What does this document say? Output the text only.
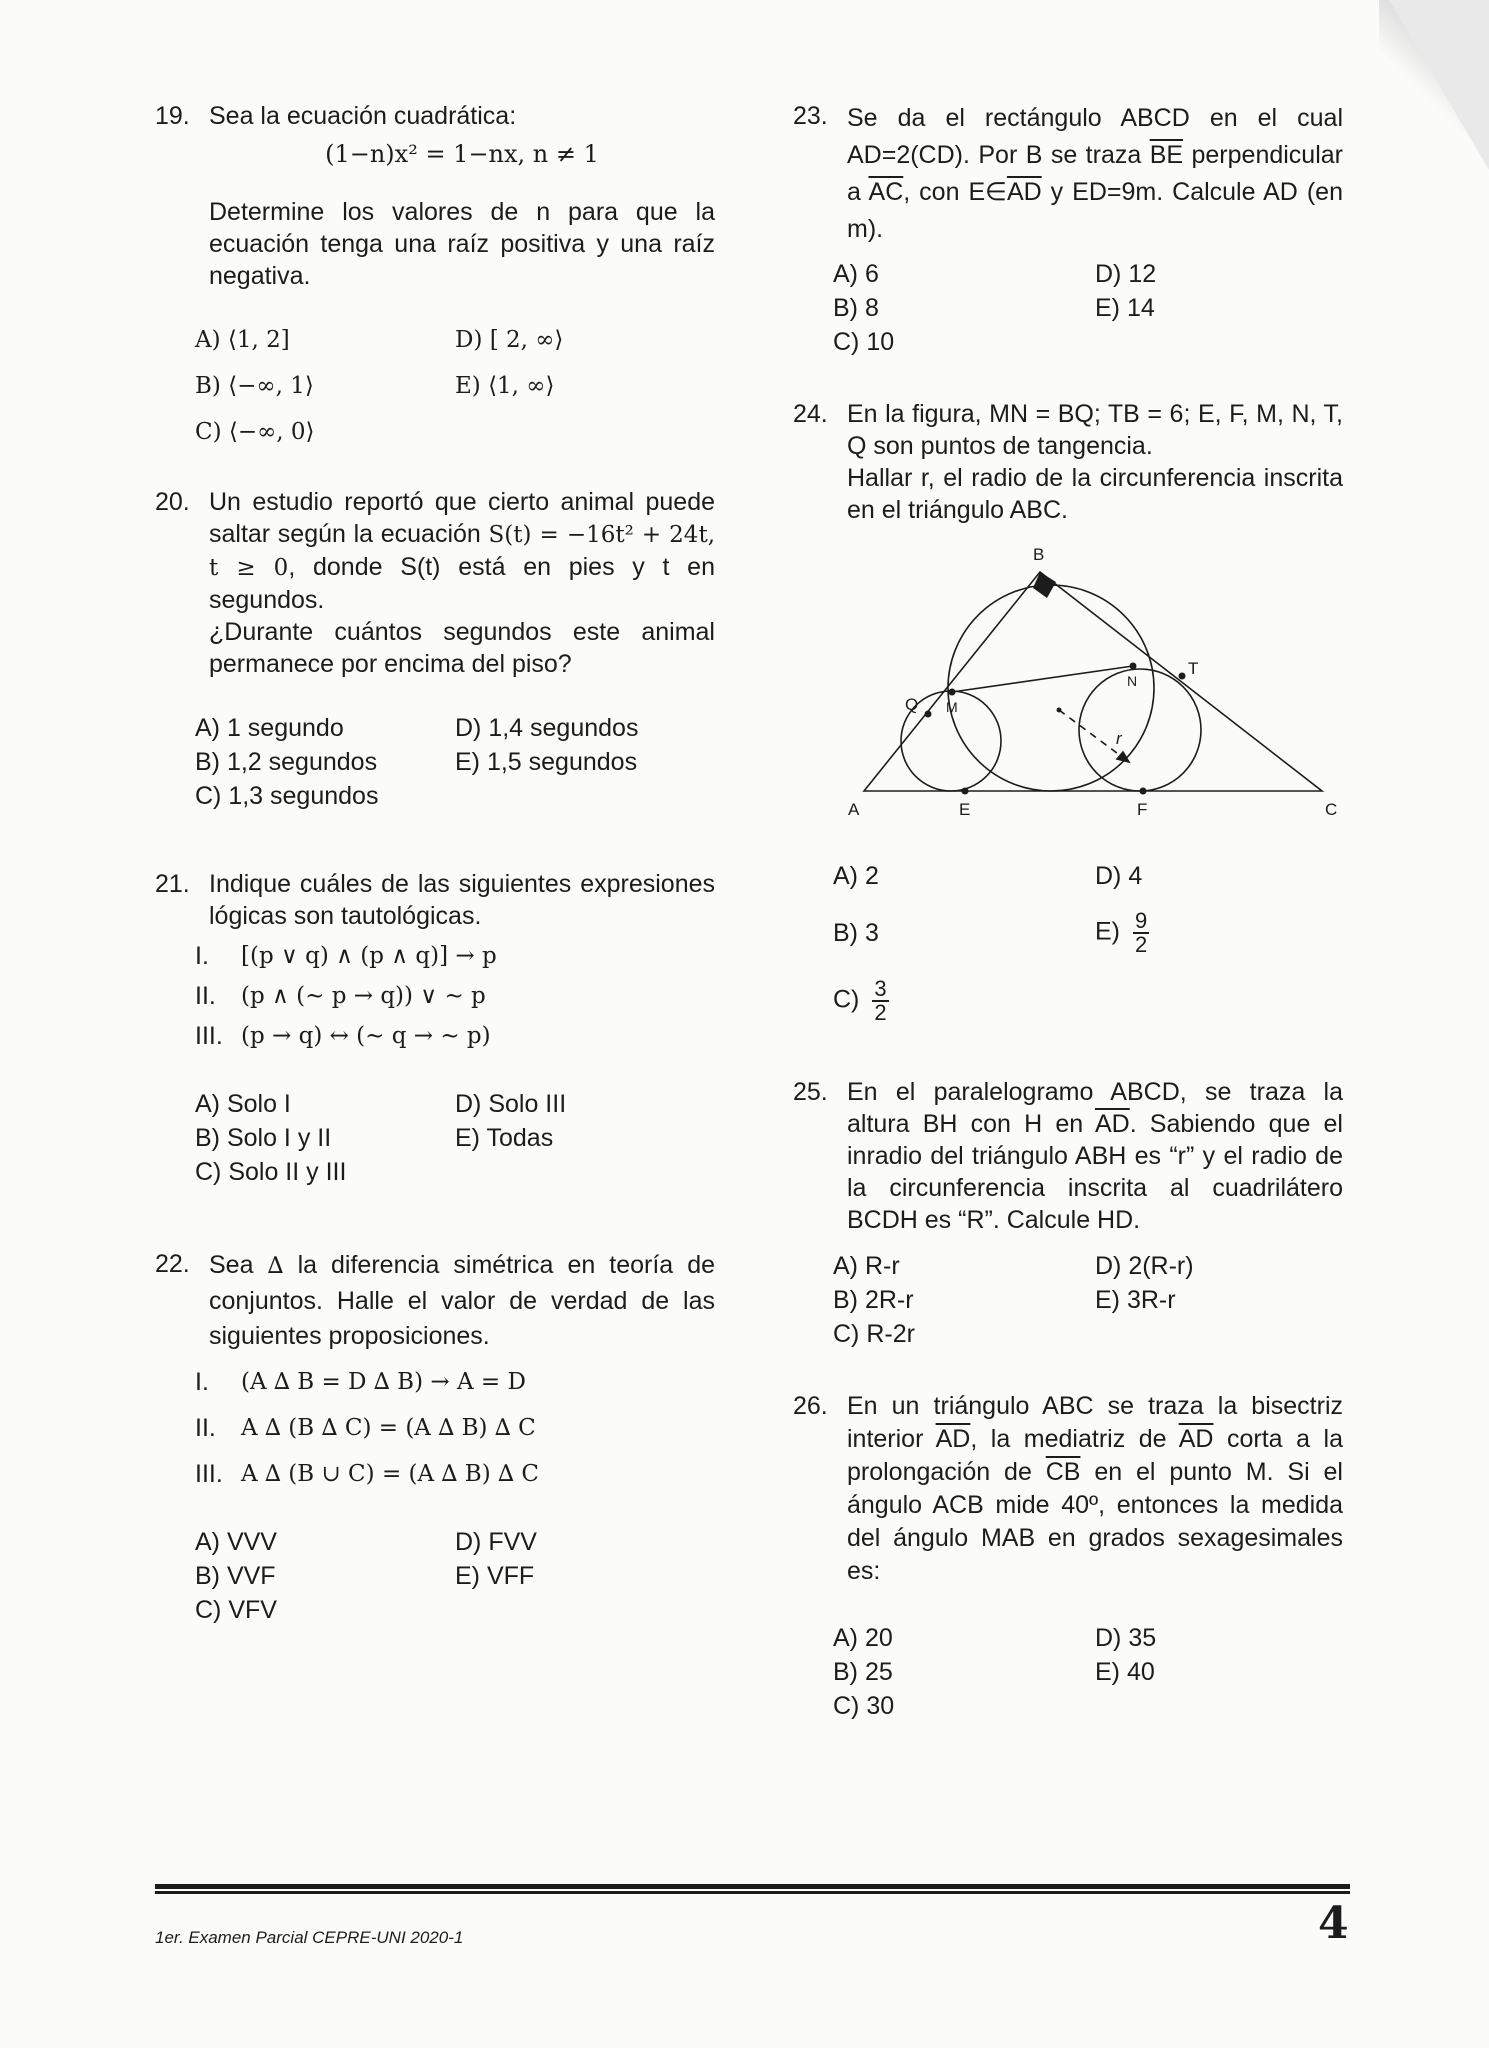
19. Sea la ecuación cuadrática:
(1−n)x² = 1−nx, n ≠ 1
Determine los valores de n para que la ecuación tenga una raíz positiva y una raíz negativa.
A) ⟨1, 2]	D) [ 2, ∞⟩
B) ⟨−∞, 1⟩	E) ⟨1, ∞⟩
C) ⟨−∞, 0⟩
20. Un estudio reportó que cierto animal puede saltar según la ecuación S(t) = −16t² + 24t, t ≥ 0, donde S(t) está en pies y t en segundos.
¿Durante cuántos segundos este animal permanece por encima del piso?
A) 1 segundo	D) 1,4 segundos
B) 1,2 segundos	E) 1,5 segundos
C) 1,3 segundos
21. Indique cuáles de las siguientes expresiones lógicas son tautológicas.
I.	[(p ∨ q) ∧ (p ∧ q)] → p
II.	(p ∧ (∼ p → q)) ∨ ∼ p
III. (p → q) ↔ (∼ q → ∼ p)
A) Solo I	D) Solo III
B) Solo I y II	E) Todas
C) Solo II y III
22. Sea ∆ la diferencia simétrica en teoría de conjuntos. Halle el valor de verdad de las siguientes proposiciones.
I.	(A ∆ B = D ∆ B) → A = D
II.	A ∆ (B ∆ C) = (A ∆ B) ∆ C
III. A ∆ (B ∪ C) = (A ∆ B) ∆ C
A) VVV	D) FVV
B) VVF	E) VFF
C) VFV
23. Se da el rectángulo ABCD en el cual AD=2(CD). Por B se traza $\overline{BE}$ perpendicular a $\overline{AC}$, con $E\in\overline{AD}$ y ED=9m. Calcule AD (en m).
A) 6	D) 12
B) 8	E) 14
C) 10
24. En la figura, MN = BQ; TB = 6; E, F, M, N, T, Q son puntos de tangencia.
Hallar r, el radio de la circunferencia inscrita en el triángulo ABC.
A) 2	D) 4
B) 3	$E) \frac{9}{2}$
$C) \frac{3}{2}$
25. En el paralelogramo ABCD, se traza la altura BH con H en $\overline{AD}$. Sabiendo que el inradio del triángulo ABH es “r” y el radio de la circunferencia inscrita al cuadrilátero BCDH es “R”. Calcule HD.
A) R-r	D) 2(R-r)
B) 2R-r	E) 3R-r
C) R-2r
26. En un triángulo ABC se traza la bisectriz interior $\overline{AD}$, la mediatriz de $\overline{AD}$ corta a la prolongación de $\overline{CB}$ en el punto M. Si el ángulo ACB mide 40º, entonces la medida del ángulo MAB en grados sexagesimales es:
A) 20	D) 35
B) 25	E) 40
C) 30
B
A	C
E	F
Q M
N
T
r
1er. Examen Parcial CEPRE-UNI 2020-1	4
